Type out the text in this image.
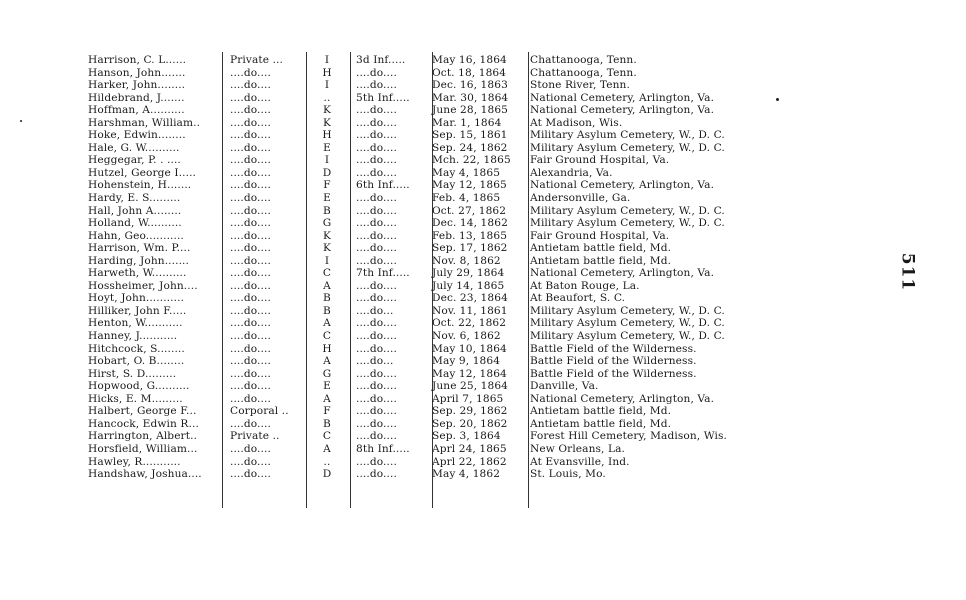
Harrison, C. L......	Private ...	I	3d Inf.....	May 16, 1864	Chattanooga, Tenn.
Hanson, John.......	....do....	H	....do....	Oct. 18, 1864	Chattanooga, Tenn.
Harker, John........	....do....	I	....do....	Dec. 16, 1863	Stone River, Tenn.
Hildebrand, J.......	....do....	..	5th Inf.....	Mar. 30, 1864	National Cemetery, Arlington, Va.
Hoffman, A..........	....do....	K	....do....	June 28, 1865	National Cemetery, Arlington, Va.
Harshman, William..	....do....	K	....do....	Mar. 1, 1864	At Madison, Wis.
Hoke, Edwin........	....do....	H	....do....	Sep. 15, 1861	Military Asylum Cemetery, W., D. C.
Hale, G. W..........	....do....	E	....do....	Sep. 24, 1862	Military Asylum Cemetery, W., D. C.
Heggegar, P. . ....	....do....	I	....do....	Mch. 22, 1865	Fair Ground Hospital, Va.
Hutzel, George I.....	....do....	D	....do....	May 4, 1865	Alexandria, Va.
Hohenstein, H.......	....do....	F	6th Inf.....	May 12, 1865	National Cemetery, Arlington, Va.
Hardy, E. S.........	....do....	E	....do....	Feb. 4, 1865	Andersonville, Ga.
Hall, John A........	....do....	B	....do....	Oct. 27, 1862	Military Asylum Cemetery, W., D. C.
Holland, W..........	....do....	G	....do....	Dec. 14, 1862	Military Asylum Cemetery, W., D. C.
Hahn, Geo...........	....do....	K	....do....	Feb. 13, 1865	Fair Ground Hospital, Va.
Harrison, Wm. P....	....do....	K	....do....	Sep. 17, 1862	Antietam battle field, Md.
Harding, John.......	....do....	I	....do....	Nov. 8, 1862	Antietam battle field, Md.
Harweth, W..........	....do....	C	7th Inf.....	July 29, 1864	National Cemetery, Arlington, Va.
Hossheimer, John....	....do....	A	....do....	July 14, 1865	At Baton Rouge, La.
Hoyt, John...........	....do....	B	....do....	Dec. 23, 1864	At Beaufort, S. C.
Hilliker, John F.....	....do....	B	....do...	Nov. 11, 1861	Military Asylum Cemetery, W., D. C.
Henton, W...........	....do....	A	....do....	Oct. 22, 1862	Military Asylum Cemetery, W., D. C.
Hanney, J...........	....do....	C	....do....	Nov. 6, 1862	Military Asylum Cemetery, W., D. C.
Hitchcock, S........	....do....	H	....do....	May 10, 1864	Battle Field of the Wilderness.
Hobart, O. B........	....do....	A	....do...	May 9, 1864	Battle Field of the Wilderness.
Hirst, S. D.........	....do....	G	....do....	May 12, 1864	Battle Field of the Wilderness.
Hopwood, G..........	....do....	E	....do....	June 25, 1864	Danville, Va.
Hicks, E. M.........	....do....	A	....do....	April 7, 1865	National Cemetery, Arlington, Va.
Halbert, George F...	Corporal ..	F	....do....	Sep. 29, 1862	Antietam battle field, Md.
Hancock, Edwin R...	....do....	B	....do....	Sep. 20, 1862	Antietam battle field, Md.
Harrington, Albert..	Private ..	C	....do....	Sep. 3, 1864	Forest Hill Cemetery, Madison, Wis.
Horsfield, William...	....do....	A	8th Inf.....	Aprl 24, 1865	New Orleans, La.
Hawley, R...........	....do....	..	....do....	Aprl 22, 1862	At Evansville, Ind.
Handshaw, Joshua....	....do....	D	....do....	May 4, 1862	St. Louis, Mo.
511
